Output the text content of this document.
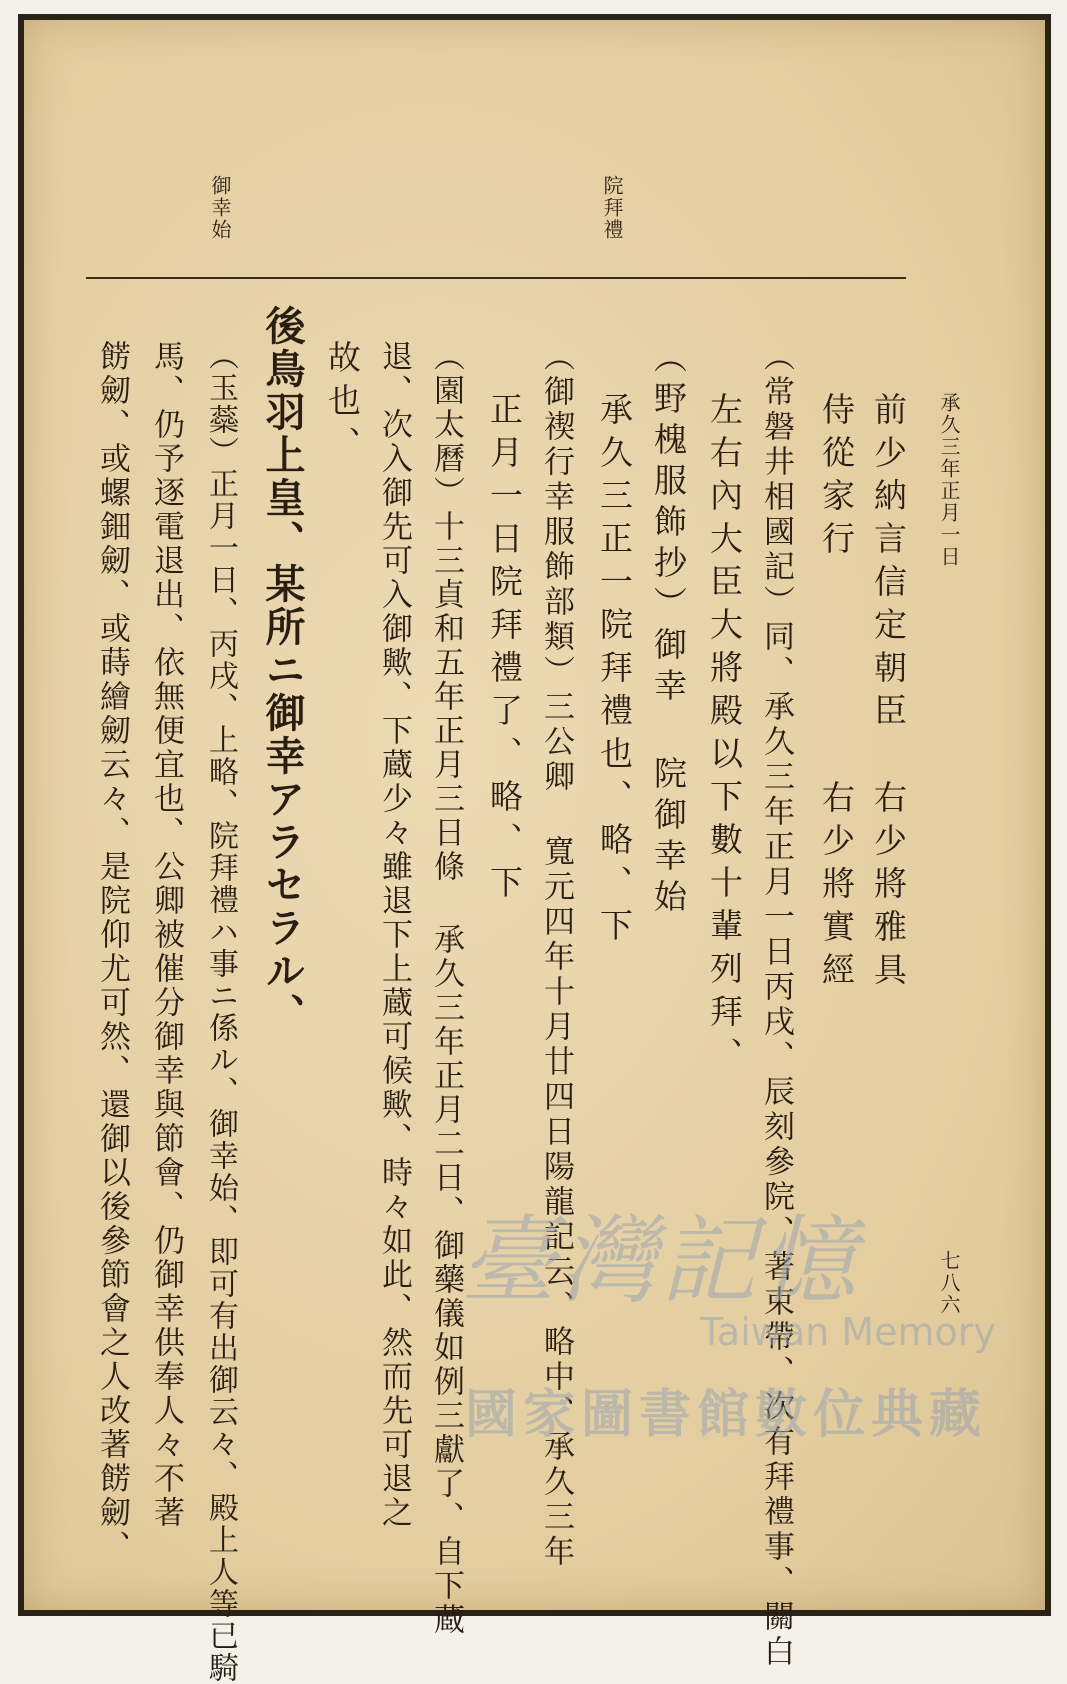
承久三年正月一日
七八六
院拜禮
御幸始
前少納言信定朝臣
侍從家行
右少將雅具
右少將實經
（常磐井相國記）同、承久三年正月一日丙戌、辰刻參院、著束帶、次有拜禮事、關白
左右內大臣大將殿以下數十輩列拜、
（野槐服飾抄）御幸 院御幸始
承久三正一院拜禮也、略、下
（御禊行幸服飾部類）三公卿 寬元四年十月廿四日陽龍記云、略中、承久三年
正月一日院拜禮了、略、下
（園太曆）十三貞和五年正月三日條 承久三年正月二日、御藥儀如例三獻了、自下蔵
退、次入御先可入御歟、下蔵少々雖退下上蔵可候歟、時々如此、然而先可退之
故也、
後鳥羽上皇、某所ニ御幸アラセラル、
（玉蘂）正月一日、丙戌、上略、院拜禮ハ事ニ係ル、御幸始、即可有出御云々、殿上人等已騎
馬、仍予逐電退出、依無便宜也、公卿被催分御幸與節會、仍御幸供奉人々不著
餝劒、或螺鈿劒、或蒔繪劒云々、是院仰尤可然、還御以後參節會之人改著餝劒、	臺灣記憶
Taiwan Memory
國家圖書館數位典藏
